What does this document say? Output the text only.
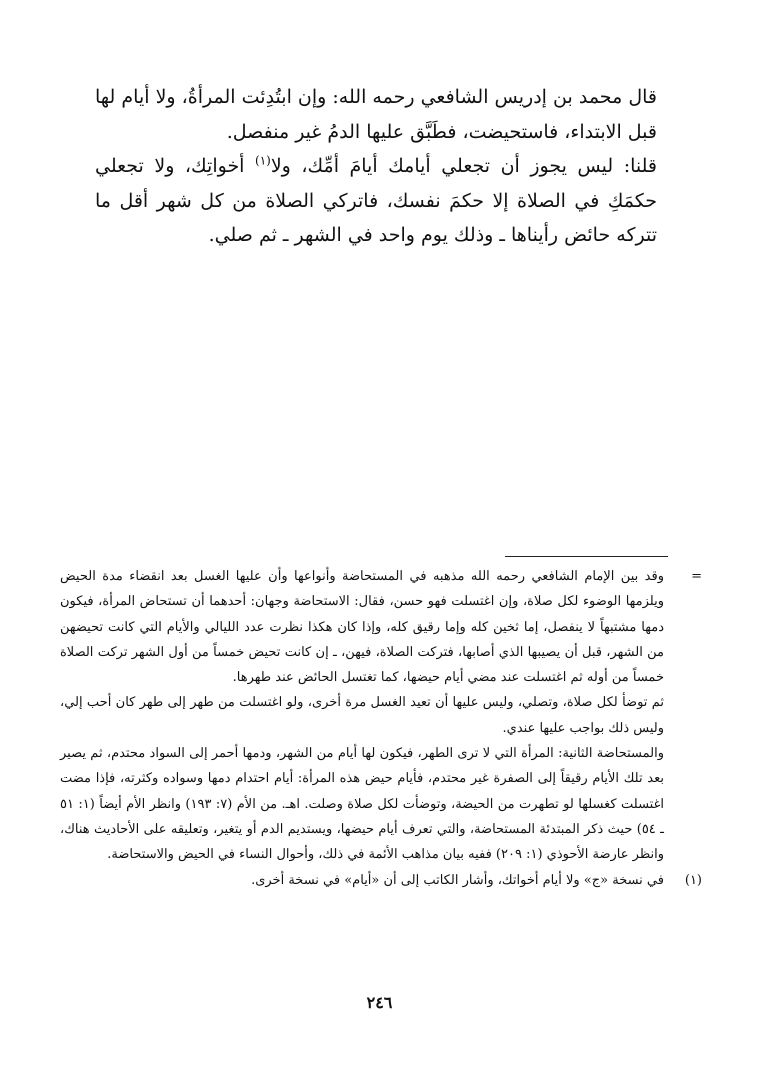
قال محمد بن إدريس الشافعي رحمه الله: وإن ابتُدِئت المرأةُ، ولا أيام لها قبل الابتداء، فاستحيضت، فطَبَّق عليها الدمُ غير منفصل.

قلنا: ليس يجوز أن تجعلي أيامك أيامَ أمِّك، ولا$^{(١)}$ أخواتِك، ولا تجعلي حكمَكِ في الصلاة إلا حكمَ نفسك، فاتركي الصلاة من كل شهر أقل ما تتركه حائض رأيناها ـ وذلك يوم واحد في الشهر ـ ثم صلي.

=
وقد بين الإمام الشافعي رحمه الله مذهبه في المستحاضة وأنواعها وأن عليها الغسل بعد انقضاء مدة الحيض ويلزمها الوضوء لكل صلاة، وإن اغتسلت فهو حسن، فقال: الاستحاضة وجهان: أحدهما أن تستحاض المرأة، فيكون دمها مشتبهاً لا ينفصل، إما ثخين كله وإما رقيق كله، وإذا كان هكذا نظرت عدد الليالي والأيام التي كانت تحيضهن من الشهر، قبل أن يصيبها الذي أصابها، فتركت الصلاة، فيهن، ـ إن كانت تحيض خمساً من أول الشهر تركت الصلاة خمساً من أوله ثم اغتسلت عند مضي أيام حيضها، كما تغتسل الحائض عند طهرها.

ثم توضأ لكل صلاة، وتصلي، وليس عليها أن تعيد الغسل مرة أخرى، ولو اغتسلت من طهر إلى طهر كان أحب إلي، وليس ذلك بواجب عليها عندي.

والمستحاضة الثانية: المرأة التي لا ترى الطهر، فيكون لها أيام من الشهر، ودمها أحمر إلى السواد محتدم، ثم يصير بعد تلك الأيام رقيقاً إلى الصفرة غير محتدم، فأيام حيض هذه المرأة: أيام احتدام دمها وسواده وكثرته، فإذا مضت اغتسلت كغسلها لو تطهرت من الحيضة، وتوضأت لكل صلاة وصلت. اهـ. من الأم (٧: ١٩٣) وانظر الأم أيضاً (١: ٥١ ـ ٥٤) حيث ذكر المبتدئة المستحاضة، والتي تعرف أيام حيضها، ويستديم الدم أو يتغير، وتعليقه على الأحاديث هناك، وانظر عارضة الأحوذي (١: ٢٠٩) ففيه بيان مذاهب الأئمة في ذلك، وأحوال النساء في الحيض والاستحاضة.

(١)
في نسخة «ج» ولا أيام أخواتك، وأشار الكاتب إلى أن «أيام» في نسخة أخرى.

٢٤٦
